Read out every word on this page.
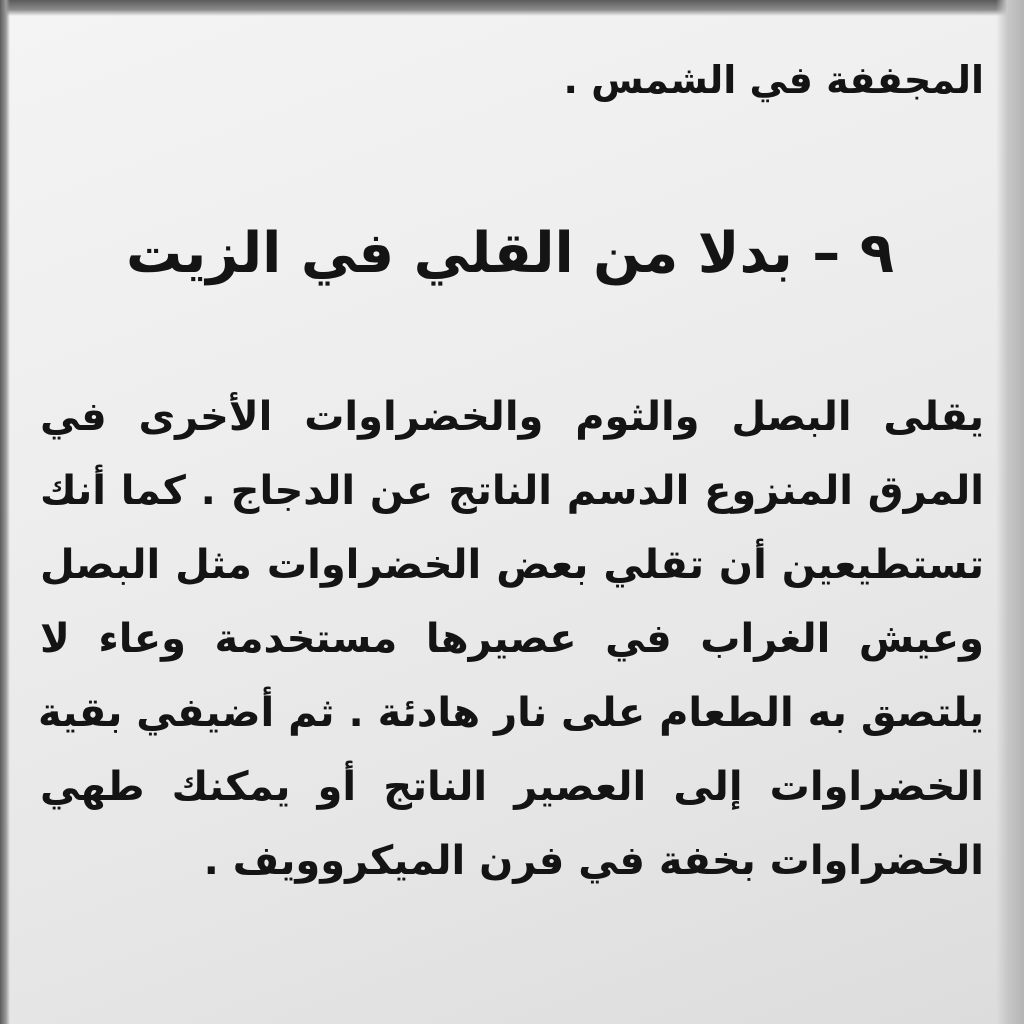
المجففة في الشمس .
٩ – بدلا من القلي في الزيت
يقلى البصل والثوم والخضراوات الأخرى في
المرق المنزوع الدسم الناتج عن الدجاج . كما أنك
تستطيعين أن تقلي بعض الخضراوات مثل البصل
وعيش الغراب في عصيرها مستخدمة وعاء لا
يلتصق به الطعام على نار هادئة . ثم أضيفي بقية
الخضراوات إلى العصير الناتج أو يمكنك طهي
الخضراوات بخفة في فرن الميكروويف .
